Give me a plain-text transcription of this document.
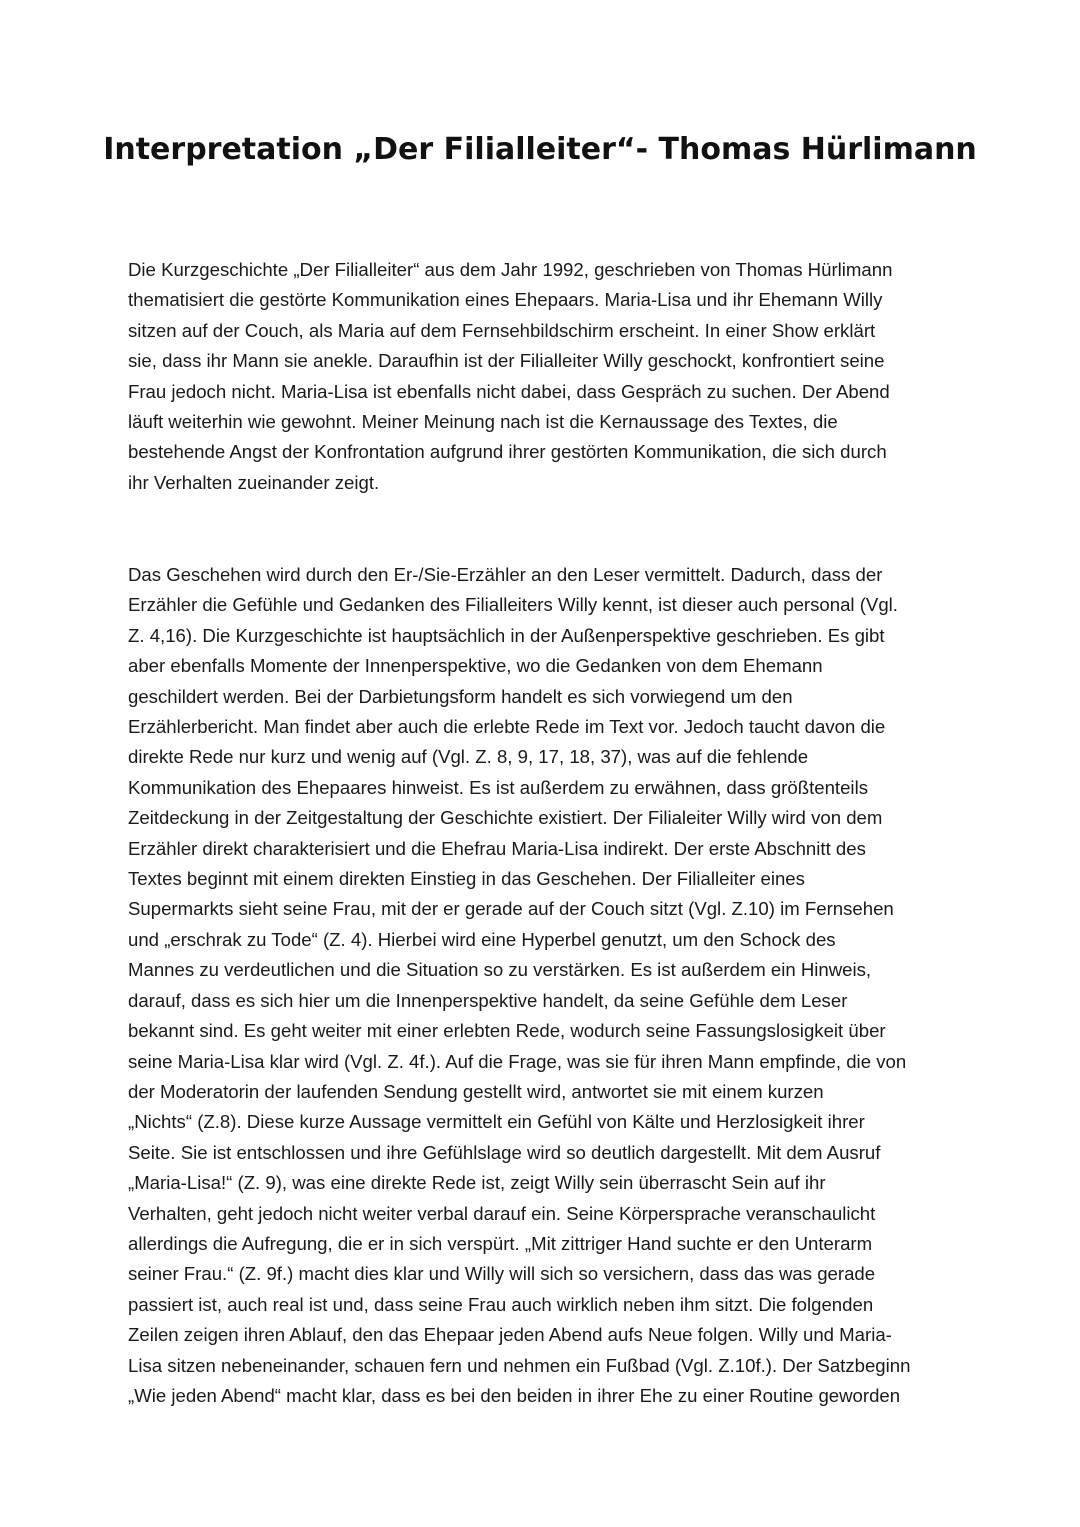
Interpretation „Der Filialleiter“- Thomas Hürlimann

Die Kurzgeschichte „Der Filialleiter“ aus dem Jahr 1992, geschrieben von Thomas Hürlimann
thematisiert die gestörte Kommunikation eines Ehepaars. Maria-Lisa und ihr Ehemann Willy
sitzen auf der Couch, als Maria auf dem Fernsehbildschirm erscheint. In einer Show erklärt
sie, dass ihr Mann sie anekle. Daraufhin ist der Filialleiter Willy geschockt, konfrontiert seine
Frau jedoch nicht. Maria-Lisa ist ebenfalls nicht dabei, dass Gespräch zu suchen. Der Abend
läuft weiterhin wie gewohnt. Meiner Meinung nach ist die Kernaussage des Textes, die
bestehende Angst der Konfrontation aufgrund ihrer gestörten Kommunikation, die sich durch
ihr Verhalten zueinander zeigt.

Das Geschehen wird durch den Er-/Sie-Erzähler an den Leser vermittelt. Dadurch, dass der
Erzähler die Gefühle und Gedanken des Filialleiters Willy kennt, ist dieser auch personal (Vgl.
Z. 4,16). Die Kurzgeschichte ist hauptsächlich in der Außenperspektive geschrieben. Es gibt
aber ebenfalls Momente der Innenperspektive, wo die Gedanken von dem Ehemann
geschildert werden. Bei der Darbietungsform handelt es sich vorwiegend um den
Erzählerbericht. Man findet aber auch die erlebte Rede im Text vor. Jedoch taucht davon die
direkte Rede nur kurz und wenig auf (Vgl. Z. 8, 9, 17, 18, 37), was auf die fehlende
Kommunikation des Ehepaares hinweist. Es ist außerdem zu erwähnen, dass größtenteils
Zeitdeckung in der Zeitgestaltung der Geschichte existiert. Der Filialeiter Willy wird von dem
Erzähler direkt charakterisiert und die Ehefrau Maria-Lisa indirekt. Der erste Abschnitt des
Textes beginnt mit einem direkten Einstieg in das Geschehen. Der Filialleiter eines
Supermarkts sieht seine Frau, mit der er gerade auf der Couch sitzt (Vgl. Z.10) im Fernsehen
und „erschrak zu Tode“ (Z. 4). Hierbei wird eine Hyperbel genutzt, um den Schock des
Mannes zu verdeutlichen und die Situation so zu verstärken. Es ist außerdem ein Hinweis,
darauf, dass es sich hier um die Innenperspektive handelt, da seine Gefühle dem Leser
bekannt sind. Es geht weiter mit einer erlebten Rede, wodurch seine Fassungslosigkeit über
seine Maria-Lisa klar wird (Vgl. Z. 4f.). Auf die Frage, was sie für ihren Mann empfinde, die von
der Moderatorin der laufenden Sendung gestellt wird, antwortet sie mit einem kurzen
„Nichts“ (Z.8). Diese kurze Aussage vermittelt ein Gefühl von Kälte und Herzlosigkeit ihrer
Seite. Sie ist entschlossen und ihre Gefühlslage wird so deutlich dargestellt. Mit dem Ausruf
„Maria-Lisa!“ (Z. 9), was eine direkte Rede ist, zeigt Willy sein überrascht Sein auf ihr
Verhalten, geht jedoch nicht weiter verbal darauf ein. Seine Körpersprache veranschaulicht
allerdings die Aufregung, die er in sich verspürt. „Mit zittriger Hand suchte er den Unterarm
seiner Frau.“ (Z. 9f.) macht dies klar und Willy will sich so versichern, dass das was gerade
passiert ist, auch real ist und, dass seine Frau auch wirklich neben ihm sitzt. Die folgenden
Zeilen zeigen ihren Ablauf, den das Ehepaar jeden Abend aufs Neue folgen. Willy und Maria-
Lisa sitzen nebeneinander, schauen fern und nehmen ein Fußbad (Vgl. Z.10f.). Der Satzbeginn
„Wie jeden Abend“ macht klar, dass es bei den beiden in ihrer Ehe zu einer Routine geworden
